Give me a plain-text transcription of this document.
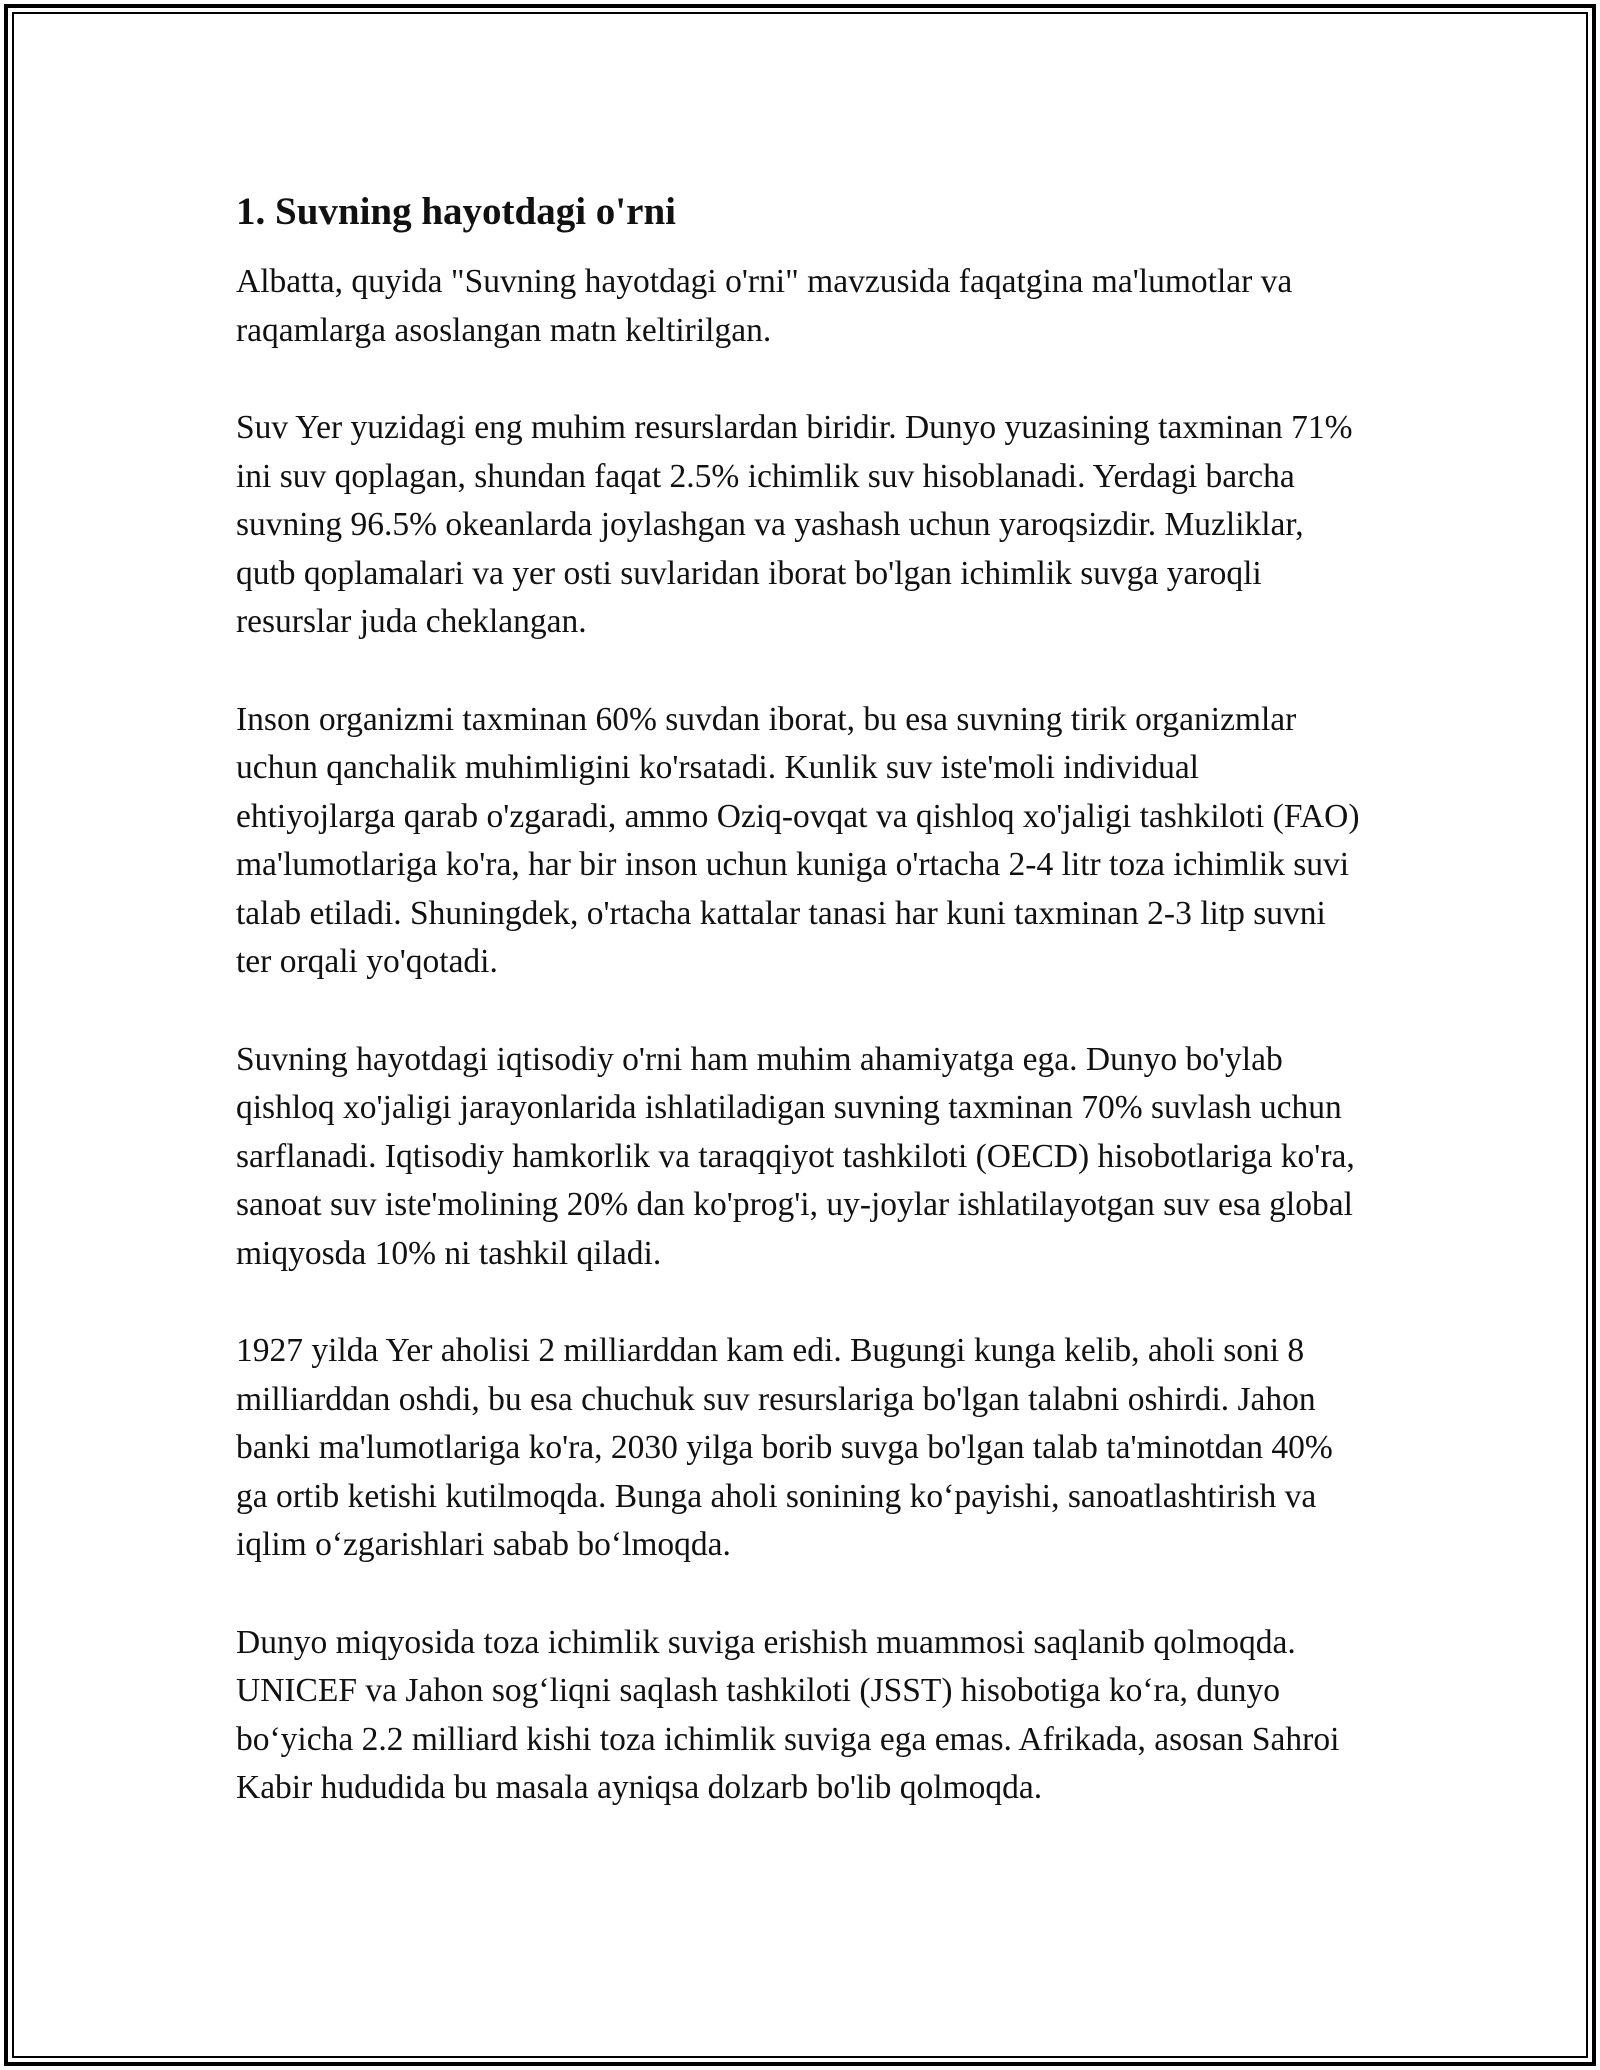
1. Suvning hayotdagi o'rni

Albatta, quyida "Suvning hayotdagi o'rni" mavzusida faqatgina ma'lumotlar va raqamlarga asoslangan matn keltirilgan.

Suv Yer yuzidagi eng muhim resurslardan biridir. Dunyo yuzasining taxminan 71% ini suv qoplagan, shundan faqat 2.5% ichimlik suv hisoblanadi. Yerdagi barcha suvning 96.5% okeanlarda joylashgan va yashash uchun yaroqsizdir. Muzliklar, qutb qoplamalari va yer osti suvlaridan iborat bo'lgan ichimlik suvga yaroqli resurslar juda cheklangan.

Inson organizmi taxminan 60% suvdan iborat, bu esa suvning tirik organizmlar uchun qanchalik muhimligini ko'rsatadi. Kunlik suv iste'moli individual ehtiyojlarga qarab o'zgaradi, ammo Oziq-ovqat va qishloq xo'jaligi tashkiloti (FAO) ma'lumotlariga ko'ra, har bir inson uchun kuniga o'rtacha 2-4 litr toza ichimlik suvi talab etiladi. Shuningdek, o'rtacha kattalar tanasi har kuni taxminan 2-3 litp suvni ter orqali yo'qotadi.

Suvning hayotdagi iqtisodiy o'rni ham muhim ahamiyatga ega. Dunyo bo'ylab qishloq xo'jaligi jarayonlarida ishlatiladigan suvning taxminan 70% suvlash uchun sarflanadi. Iqtisodiy hamkorlik va taraqqiyot tashkiloti (OECD) hisobotlariga ko'ra, sanoat suv iste'molining 20% dan ko'prog'i, uy-joylar ishlatilayotgan suv esa global miqyosda 10% ni tashkil qiladi.

1927 yilda Yer aholisi 2 milliarddan kam edi. Bugungi kunga kelib, aholi soni 8 milliarddan oshdi, bu esa chuchuk suv resurslariga bo'lgan talabni oshirdi. Jahon banki ma'lumotlariga ko'ra, 2030 yilga borib suvga bo'lgan talab ta'minotdan 40% ga ortib ketishi kutilmoqda. Bunga aholi sonining ko‘payishi, sanoatlashtirish va iqlim o‘zgarishlari sabab bo‘lmoqda.

Dunyo miqyosida toza ichimlik suviga erishish muammosi saqlanib qolmoqda. UNICEF va Jahon sog‘liqni saqlash tashkiloti (JSST) hisobotiga ko‘ra, dunyo bo‘yicha 2.2 milliard kishi toza ichimlik suviga ega emas. Afrikada, asosan Sahroi Kabir hududida bu masala ayniqsa dolzarb bo'lib qolmoqda.
